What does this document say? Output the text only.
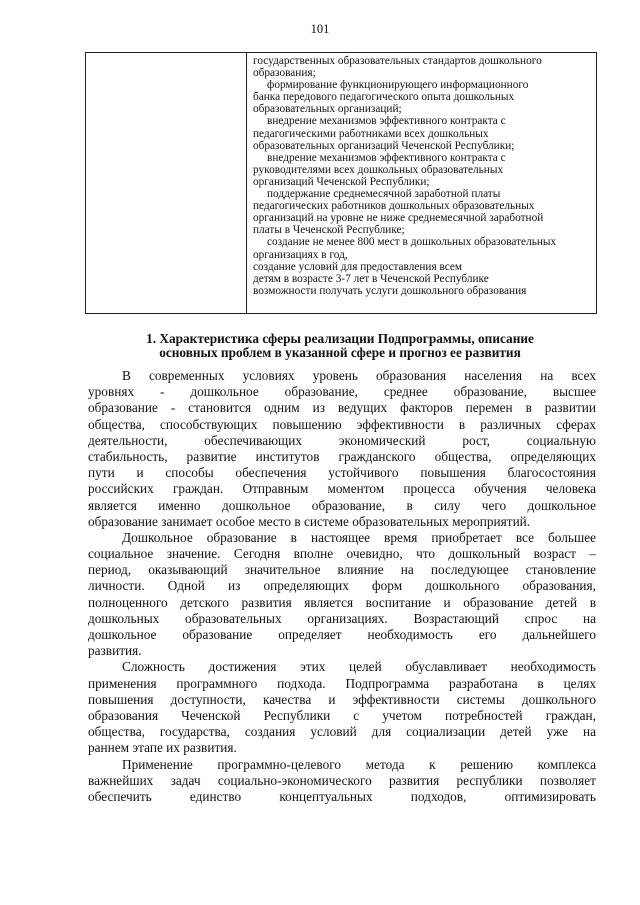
101
государственных образовательных стандартов дошкольного
образования;
формирование функционирующего информационного
банка передового педагогического опыта дошкольных
образовательных организаций;
внедрение механизмов эффективного контракта с
педагогическими работниками всех дошкольных
образовательных организаций Чеченской Республики;
внедрение механизмов эффективного контракта с
руководителями всех дошкольных образовательных
организаций Чеченской Республики;
поддержание среднемесячной заработной платы
педагогических работников дошкольных образовательных
организаций на уровне не ниже среднемесячной заработной
платы в Чеченской Республике;
создание не менее 800 мест в дошкольных образовательных
организациях в год,
создание условий для предоставления всем
детям в возрасте 3-7 лет в Чеченской Республике
возможности получать услуги дошкольного образования
1. Характеристика сферы реализации Подпрограммы, описание
основных проблем в указанной сфере и прогноз ее развития
В современных условиях уровень образования населения на всех
уровнях - дошкольное образование, среднее образование, высшее
образование - становится одним из ведущих факторов перемен в развитии
общества, способствующих повышению эффективности в различных сферах
деятельности, обеспечивающих экономический рост, социальную
стабильность, развитие институтов гражданского общества, определяющих
пути и способы обеспечения устойчивого повышения благосостояния
российских граждан. Отправным моментом процесса обучения человека
является именно дошкольное образование, в силу чего дошкольное
образование занимает особое место в системе образовательных мероприятий.
Дошкольное образование в настоящее время приобретает все большее
социальное значение. Сегодня вполне очевидно, что дошкольный возраст –
период, оказывающий значительное влияние на последующее становление
личности. Одной из определяющих форм дошкольного образования,
полноценного детского развития является воспитание и образование детей в
дошкольных образовательных организациях. Возрастающий спрос на
дошкольное образование определяет необходимость его дальнейшего
развития.
Сложность достижения этих целей обуславливает необходимость
применения программного подхода. Подпрограмма разработана в целях
повышения доступности, качества и эффективности системы дошкольного
образования Чеченской Республики с учетом потребностей граждан,
общества, государства, создания условий для социализации детей уже на
раннем этапе их развития.
Применение программно-целевого метода к решению комплекса
важнейших задач социально-экономического развития республики позволяет
обеспечить единство концептуальных подходов, оптимизировать
